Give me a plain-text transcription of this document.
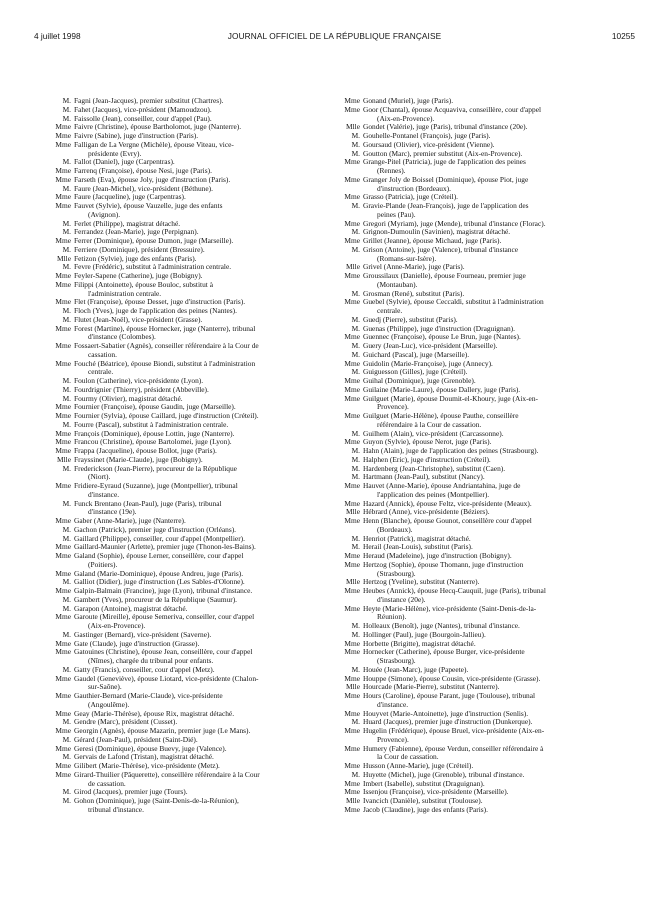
4 juillet 1998	JOURNAL OFFICIEL DE LA RÉPUBLIQUE FRANÇAISE	10255
M. Fagni (Jean-Jacques), premier substitut (Chartres).
M. Fahet (Jacques), vice-président (Mamoudzou).
M. Faissolle (Jean), conseiller, cour d'appel (Pau).
Mme Faivre (Christine), épouse Bartholomot, juge (Nanterre).
Mme Faivre (Sabine), juge d'instruction (Paris).
Mme Falligan de La Vergne (Michèle), épouse Viteau, vice-
présidente (Evry).
M. Fallot (Daniel), juge (Carpentras).
Mme Farrenq (Françoise), épouse Nesi, juge (Paris).
Mme Farseth (Eva), épouse Joly, juge d'instruction (Paris).
M. Faure (Jean-Michel), vice-président (Béthune).
Mme Faure (Jacqueline), juge (Carpentras).
Mme Fauvet (Sylvie), épouse Vauzelle, juge des enfants
(Avignon).
M. Ferlet (Philippe), magistrat détaché.
M. Ferrandez (Jean-Marie), juge (Perpignan).
Mme Ferrer (Dominique), épouse Dumon, juge (Marseille).
M. Ferriere (Dominique), président (Bressuire).
Mlle Fetizon (Sylvie), juge des enfants (Paris).
M. Fevre (Frédéric), substitut à l'administration centrale.
Mme Feyler-Sapene (Catherine), juge (Bobigny).
Mme Filippi (Antoinette), épouse Bouloc, substitut à
l'administration centrale.
Mme Flet (Françoise), épouse Desset, juge d'instruction (Paris).
M. Floch (Yves), juge de l'application des peines (Nantes).
M. Flutet (Jean-Noël), vice-président (Grasse).
Mme Forest (Martine), épouse Hornecker, juge (Nanterre), tribunal
d'instance (Colombes).
Mme Fossaert-Sabatier (Agnès), conseiller référendaire à la Cour de
cassation.
Mme Fouché (Béatrice), épouse Biondi, substitut à l'administration
centrale.
M. Foulon (Catherine), vice-présidente (Lyon).
M. Fourdrignier (Thierry), président (Abbeville).
M. Fourmy (Olivier), magistrat détaché.
Mme Fournier (Françoise), épouse Gaudin, juge (Marseille).
Mme Fournier (Sylvia), épouse Caillard, juge d'instruction (Créteil).
M. Fourre (Pascal), substitut à l'administration centrale.
Mme François (Dominique), épouse Lottin, juge (Nanterre).
Mme Francou (Christine), épouse Bartolomei, juge (Lyon).
Mme Frappa (Jacqueline), épouse Bollot, juge (Paris).
Mlle Frayssinet (Marie-Claude), juge (Bobigny).
M. Frederickson (Jean-Pierre), procureur de la République
(Niort).
Mme Fridiere-Eyraud (Suzanne), juge (Montpellier), tribunal
d'instance.
M. Funck Brentano (Jean-Paul), juge (Paris), tribunal
d'instance (19e).
Mme Gaber (Anne-Marie), juge (Nanterre).
M. Gachon (Patrick), premier juge d'instruction (Orléans).
M. Gaillard (Philippe), conseiller, cour d'appel (Montpellier).
Mme Gaillard-Maunier (Arlette), premier juge (Thonon-les-Bains).
Mme Galand (Sophie), épouse Lerner, conseillère, cour d'appel
(Poitiers).
Mme Galand (Marie-Dominique), épouse Andreu, juge (Paris).
M. Galliot (Didier), juge d'instruction (Les Sables-d'Olonne).
Mme Galpin-Balmain (Francine), juge (Lyon), tribunal d'instance.
M. Gambert (Yves), procureur de la République (Saumur).
M. Garapon (Antoine), magistrat détaché.
Mme Garoute (Mireille), épouse Semeriva, conseiller, cour d'appel
(Aix-en-Provence).
M. Gastinger (Bernard), vice-président (Saverne).
Mme Gate (Claude), juge d'instruction (Grasse).
Mme Gatouines (Christine), épouse Jean, conseillère, cour d'appel
(Nîmes), chargée du tribunal pour enfants.
M. Gatty (Francis), conseiller, cour d'appel (Metz).
Mme Gaudel (Geneviève), épouse Liotard, vice-présidente (Chalon-
sur-Saône).
Mme Gauthier-Bernard (Marie-Claude), vice-présidente
(Angoulême).
Mme Geay (Marie-Thérèse), épouse Rix, magistrat détaché.
M. Gendre (Marc), président (Cusset).
Mme Georgin (Agnès), épouse Mazarin, premier juge (Le Mans).
M. Gérard (Jean-Paul), président (Saint-Dié).
Mme Geresi (Dominique), épouse Buevy, juge (Valence).
M. Gervais de Lafond (Tristan), magistrat détaché.
Mme Gilibert (Marie-Thérèse), vice-présidente (Metz).
Mme Girard-Thuilier (Pâquerette), conseillère référendaire à la Cour
de cassation.
M. Girod (Jacques), premier juge (Tours).
M. Gohon (Dominique), juge (Saint-Denis-de-la-Réunion),
tribunal d'instance.
Mme Gonand (Muriel), juge (Paris).
Mme Goor (Chantal), épouse Acquaviva, conseillère, cour d'appel
(Aix-en-Provence).
Mlle Gondet (Valérie), juge (Paris), tribunal d'instance (20e).
M. Gouhelle-Pontanel (François), juge (Paris).
M. Goursaud (Olivier), vice-président (Vienne).
M. Goutton (Marc), premier substitut (Aix-en-Provence).
Mme Grange-Pitel (Patricia), juge de l'application des peines
(Rennes).
Mme Granger Joly de Boissel (Dominique), épouse Piot, juge
d'instruction (Bordeaux).
Mme Grasso (Patricia), juge (Créteil).
M. Gravie-Plande (Jean-François), juge de l'application des
peines (Pau).
Mme Gregori (Myriam), juge (Mende), tribunal d'instance (Florac).
M. Grignon-Dumoulin (Savinien), magistrat détaché.
Mme Grillet (Jeanne), épouse Michaud, juge (Paris).
M. Grison (Antoine), juge (Valence), tribunal d'instance
(Romans-sur-Isère).
Mlle Grivel (Anne-Marie), juge (Paris).
Mme Groussilaux (Danielle), épouse Fourneau, premier juge
(Montauban).
M. Grosman (René), substitut (Paris).
Mme Guebel (Sylvie), épouse Ceccaldi, substitut à l'administration
centrale.
M. Guedj (Pierre), substitut (Paris).
M. Guenas (Philippe), juge d'instruction (Draguignan).
Mme Guennec (Françoise), épouse Le Brun, juge (Nantes).
M. Guery (Jean-Luc), vice-président (Marseille).
M. Guichard (Pascal), juge (Marseille).
Mme Guidolin (Marie-Françoise), juge (Annecy).
M. Guiguesson (Gilles), juge (Créteil).
Mme Guihal (Dominique), juge (Grenoble).
Mme Guilaine (Marie-Laure), épouse Dallery, juge (Paris).
Mme Guilguet (Marie), épouse Doumit-el-Khoury, juge (Aix-en-
Provence).
Mme Guilguet (Marie-Hélène), épouse Pauthe, conseillère
référendaire à la Cour de cassation.
M. Guilhem (Alain), vice-président (Carcassonne).
Mme Guyon (Sylvie), épouse Nerot, juge (Paris).
M. Hahn (Alain), juge de l'application des peines (Strasbourg).
M. Halphen (Eric), juge d'instruction (Créteil).
M. Hardenberg (Jean-Christophe), substitut (Caen).
M. Hartmann (Jean-Paul), substitut (Nancy).
Mme Hauvet (Anne-Marie), épouse Andriantahina, juge de
l'application des peines (Montpellier).
Mme Hazard (Annick), épouse Feltz, vice-présidente (Meaux).
Mlle Hébrard (Anne), vice-présidente (Béziers).
Mme Henn (Blanche), épouse Gounot, conseillère cour d'appel
(Bordeaux).
M. Henriot (Patrick), magistrat détaché.
M. Herail (Jean-Louis), substitut (Paris).
Mme Heraud (Madeleine), juge d'instruction (Bobigny).
Mme Hertzog (Sophie), épouse Thomann, juge d'instruction
(Strasbourg).
Mlle Hertzog (Yveline), substitut (Nanterre).
Mme Heubes (Annick), épouse Hecq-Cauquil, juge (Paris), tribunal
d'instance (20e).
Mme Heyte (Marie-Hélène), vice-présidente (Saint-Denis-de-la-
Réunion).
M. Holleaux (Benoît), juge (Nantes), tribunal d'instance.
M. Hollinger (Paul), juge (Bourgoin-Jallieu).
Mme Horbette (Brigitte), magistrat détaché.
Mme Hornecker (Catherine), épouse Burger, vice-présidente
(Strasbourg).
M. Houée (Jean-Marc), juge (Papeete).
Mme Houppe (Simone), épouse Cousin, vice-présidente (Grasse).
Mlle Hourcade (Marie-Pierre), substitut (Nanterre).
Mme Hours (Caroline), épouse Parant, juge (Toulouse), tribunal
d'instance.
Mme Houyvet (Marie-Antoinette), juge d'instruction (Senlis).
M. Huard (Jacques), premier juge d'instruction (Dunkerque).
Mme Hugelin (Frédérique), épouse Bruel, vice-présidente (Aix-en-
Provence).
Mme Humery (Fabienne), épouse Verdun, conseiller référendaire à
la Cour de cassation.
Mme Husson (Anne-Marie), juge (Créteil).
M. Huyette (Michel), juge (Grenoble), tribunal d'instance.
Mme Imbert (Isabelle), substitut (Draguignan).
Mme Issenjou (Françoise), vice-présidente (Marseille).
Mlle Ivancich (Danièle), substitut (Toulouse).
Mme Jacob (Claudine), juge des enfants (Paris).
